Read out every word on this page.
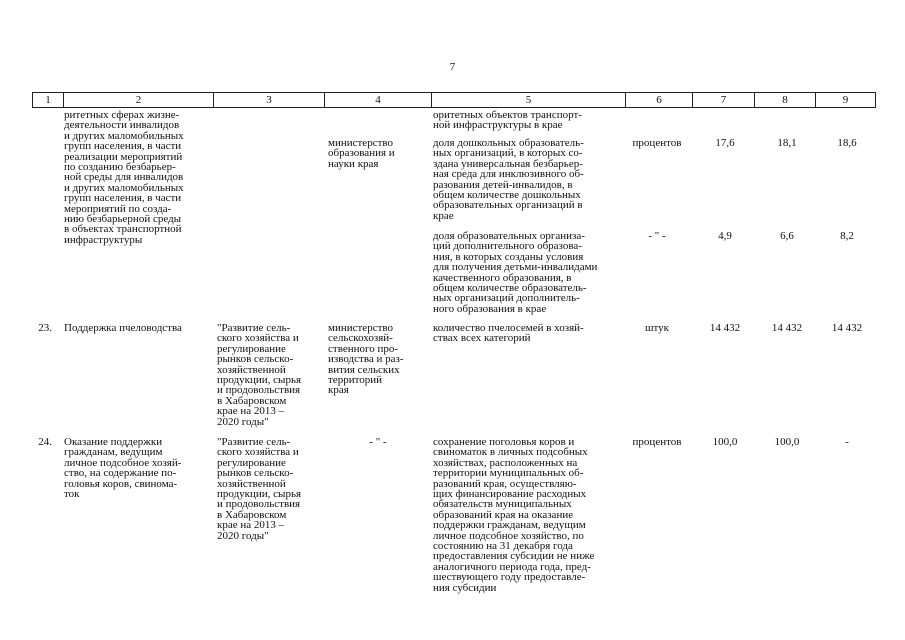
7
1	2	3	4	5	6	7	8	9
ритетных сферах жизне-
деятельности инвалидов
и других маломобильных
групп населения, в части
реализации мероприятий
по созданию безбарьер-
ной среды для инвалидов
и других маломобильных
групп населения, в части
мероприятий по созда-
нию безбарьерной среды
в объектах транспортной
инфраструктуры
оритетных объектов транспорт-
ной инфраструктуры в крае
министерство
образования и
науки края
доля дошкольных образователь-
ных организаций, в которых со-
здана универсальная безбарьер-
ная среда для инклюзивного об-
разования детей-инвалидов, в
общем количестве дошкольных
образовательных организаций в
крае
процентов	17,6	18,1	18,6
доля образовательных организа-
ций дополнительного образова-
ния, в которых созданы условия
для получения детьми-инвалидами
качественного образования, в
общем количестве образователь-
ных организаций дополнитель-
ного образования в крае
- " -	4,9	6,6	8,2
23. Поддержка пчеловодства	"Развитие сель-
ского хозяйства и
регулирование
рынков сельско-
хозяйственной
продукции, сырья
и продовольствия
в Хабаровском
крае на 2013 –
2020 годы"
министерство
сельскохозяй-
ственного про-
изводства и раз-
вития сельских
территорий
края
количество пчелосемей в хозяй-
ствах всех категорий
штук	14 432	14 432	14 432
24. Оказание поддержки
гражданам, ведущим
личное подсобное хозяй-
ство, на содержание по-
головья коров, свинома-
ток
"Развитие сель-
ского хозяйства и
регулирование
рынков сельско-
хозяйственной
продукции, сырья
и продовольствия
в Хабаровском
крае на 2013 –
2020 годы"
- " -	сохранение поголовья коров и
свиноматок в личных подсобных
хозяйствах, расположенных на
территории муниципальных об-
разований края, осуществляю-
щих финансирование расходных
обязательств муниципальных
образований края на оказание
поддержки гражданам, ведущим
личное подсобное хозяйство, по
состоянию на 31 декабря года
предоставления субсидии не ниже
аналогичного периода года, пред-
шествующего году предоставле-
ния субсидии
процентов	100,0	100,0	-
